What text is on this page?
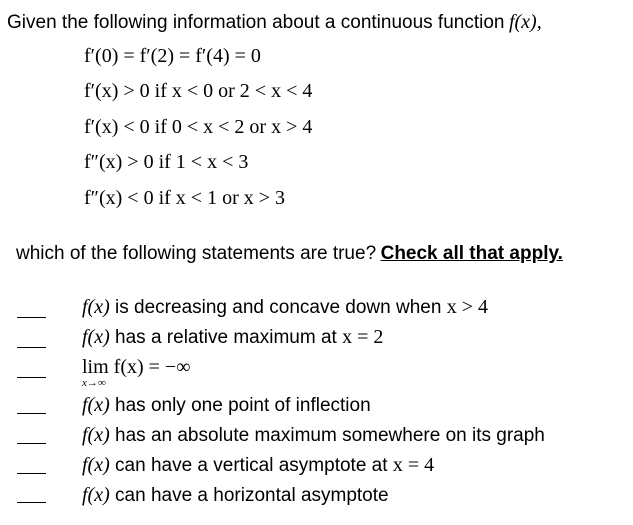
Given the following information about a continuous function f(x),
f′(0) = f′(2) = f′(4) = 0
f′(x) > 0 if x < 0 or 2 < x < 4
f′(x) < 0 if 0 < x < 2 or x > 4
f″(x) > 0 if 1 < x < 3
f″(x) < 0 if x < 1 or x > 3
which of the following statements are true? Check all that apply.
f(x) is decreasing and concave down when x > 4
f(x) has a relative maximum at x = 2
lim f(x) = −∞
x→∞
f(x) has only one point of inflection
f(x) has an absolute maximum somewhere on its graph
f(x) can have a vertical asymptote at x = 4
f(x) can have a horizontal asymptote
